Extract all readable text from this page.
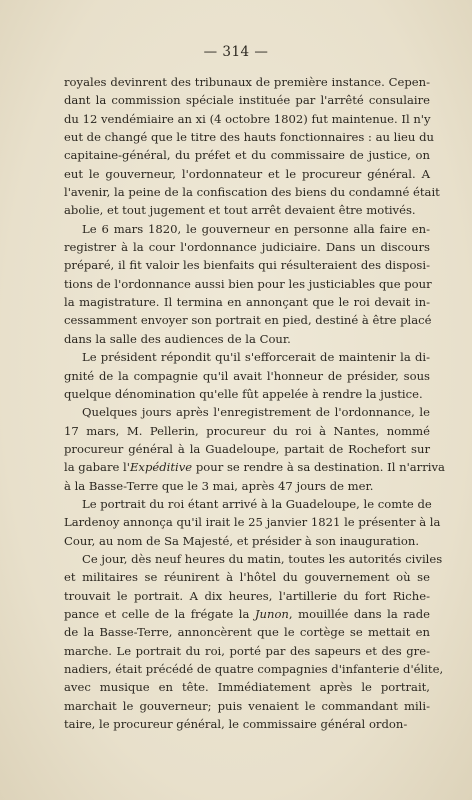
— 314 —
royales devinrent des tribunaux de première instance. Cepen-
dant la commission spéciale instituée par l'arrêté consulaire
du 12 vendémiaire an xi (4 octobre 1802) fut maintenue. Il n'y
eut de changé que le titre des hauts fonctionnaires : au lieu du
capitaine-général, du préfet et du commissaire de justice, on
eut le gouverneur, l'ordonnateur et le procureur général. A
l'avenir, la peine de la confiscation des biens du condamné était
abolie, et tout jugement et tout arrêt devaient être motivés.
Le 6 mars 1820, le gouverneur en personne alla faire en-
registrer à la cour l'ordonnance judiciaire. Dans un discours
préparé, il fit valoir les bienfaits qui résulteraient des disposi-
tions de l'ordonnance aussi bien pour les justiciables que pour
la magistrature. Il termina en annonçant que le roi devait in-
cessamment envoyer son portrait en pied, destiné à être placé
dans la salle des audiences de la Cour.
Le président répondit qu'il s'efforcerait de maintenir la di-
gnité de la compagnie qu'il avait l'honneur de présider, sous
quelque dénomination qu'elle fût appelée à rendre la justice.
Quelques jours après l'enregistrement de l'ordonnance, le
17 mars, M. Pellerin, procureur du roi à Nantes, nommé
procureur général à la Guadeloupe, partait de Rochefort sur
la gabare l'Expéditive pour se rendre à sa destination. Il n'arriva
à la Basse-Terre que le 3 mai, après 47 jours de mer.
Le portrait du roi étant arrivé à la Guadeloupe, le comte de
Lardenoy annonça qu'il irait le 25 janvier 1821 le présenter à la
Cour, au nom de Sa Majesté, et présider à son inauguration.
Ce jour, dès neuf heures du matin, toutes les autorités civiles
et militaires se réunirent à l'hôtel du gouvernement où se
trouvait le portrait. A dix heures, l'artillerie du fort Riche-
pance et celle de la frégate la Junon, mouillée dans la rade
de la Basse-Terre, annoncèrent que le cortège se mettait en
marche. Le portrait du roi, porté par des sapeurs et des gre-
nadiers, était précédé de quatre compagnies d'infanterie d'élite,
avec musique en tête. Immédiatement après le portrait,
marchait le gouverneur; puis venaient le commandant mili-
taire, le procureur général, le commissaire général ordon-
